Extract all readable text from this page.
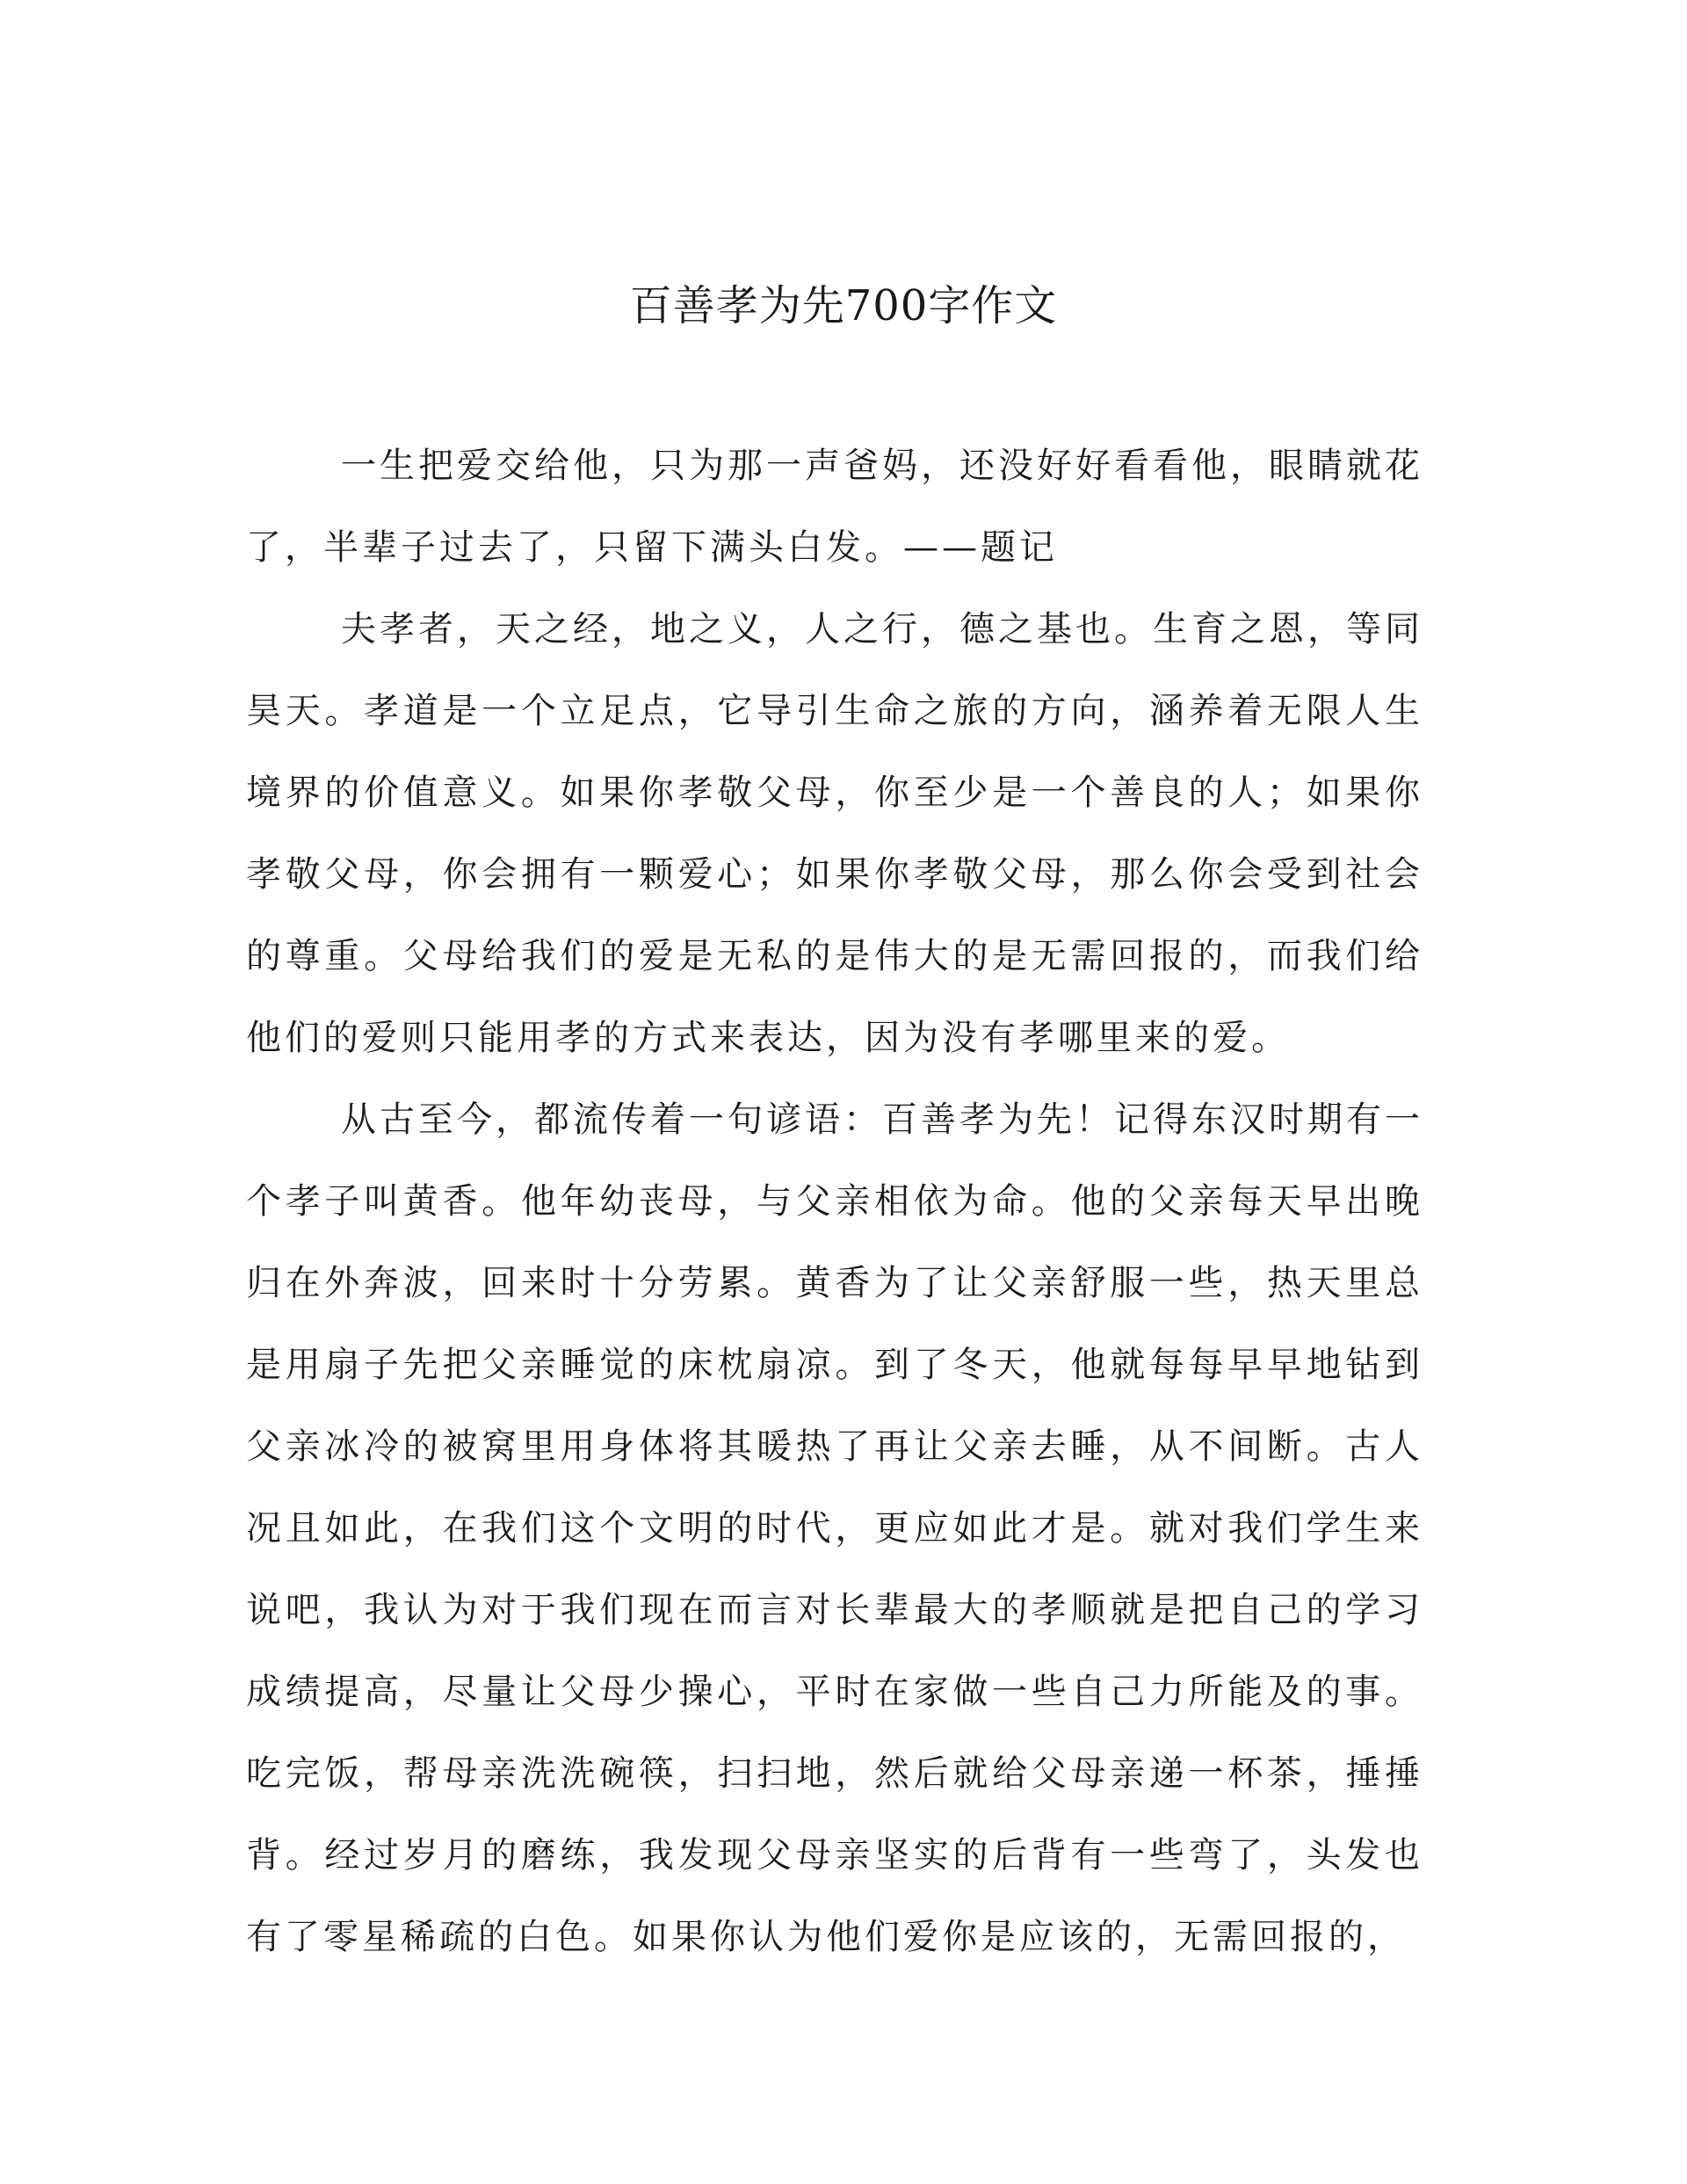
百善孝为先700字作文

一生把爱交给他，只为那一声爸妈，还没好好看看他，眼睛就花了，半辈子过去了，只留下满头白发。——题记

夫孝者，天之经，地之义，人之行，德之基也。生育之恩，等同昊天。孝道是一个立足点，它导引生命之旅的方向，涵养着无限人生境界的价值意义。如果你孝敬父母，你至少是一个善良的人；如果你孝敬父母，你会拥有一颗爱心；如果你孝敬父母，那么你会受到社会的尊重。父母给我们的爱是无私的是伟大的是无需回报的，而我们给他们的爱则只能用孝的方式来表达，因为没有孝哪里来的爱。

从古至今，都流传着一句谚语：百善孝为先！记得东汉时期有一个孝子叫黄香。他年幼丧母，与父亲相依为命。他的父亲每天早出晚归在外奔波，回来时十分劳累。黄香为了让父亲舒服一些，热天里总是用扇子先把父亲睡觉的床枕扇凉。到了冬天，他就每每早早地钻到父亲冰冷的被窝里用身体将其暖热了再让父亲去睡，从不间断。古人况且如此，在我们这个文明的时代，更应如此才是。就对我们学生来说吧，我认为对于我们现在而言对长辈最大的孝顺就是把自己的学习成绩提高，尽量让父母少操心，平时在家做一些自己力所能及的事。吃完饭，帮母亲洗洗碗筷，扫扫地，然后就给父母亲递一杯茶，捶捶背。经过岁月的磨练，我发现父母亲坚实的后背有一些弯了，头发也有了零星稀疏的白色。如果你认为他们爱你是应该的，无需回报的，
